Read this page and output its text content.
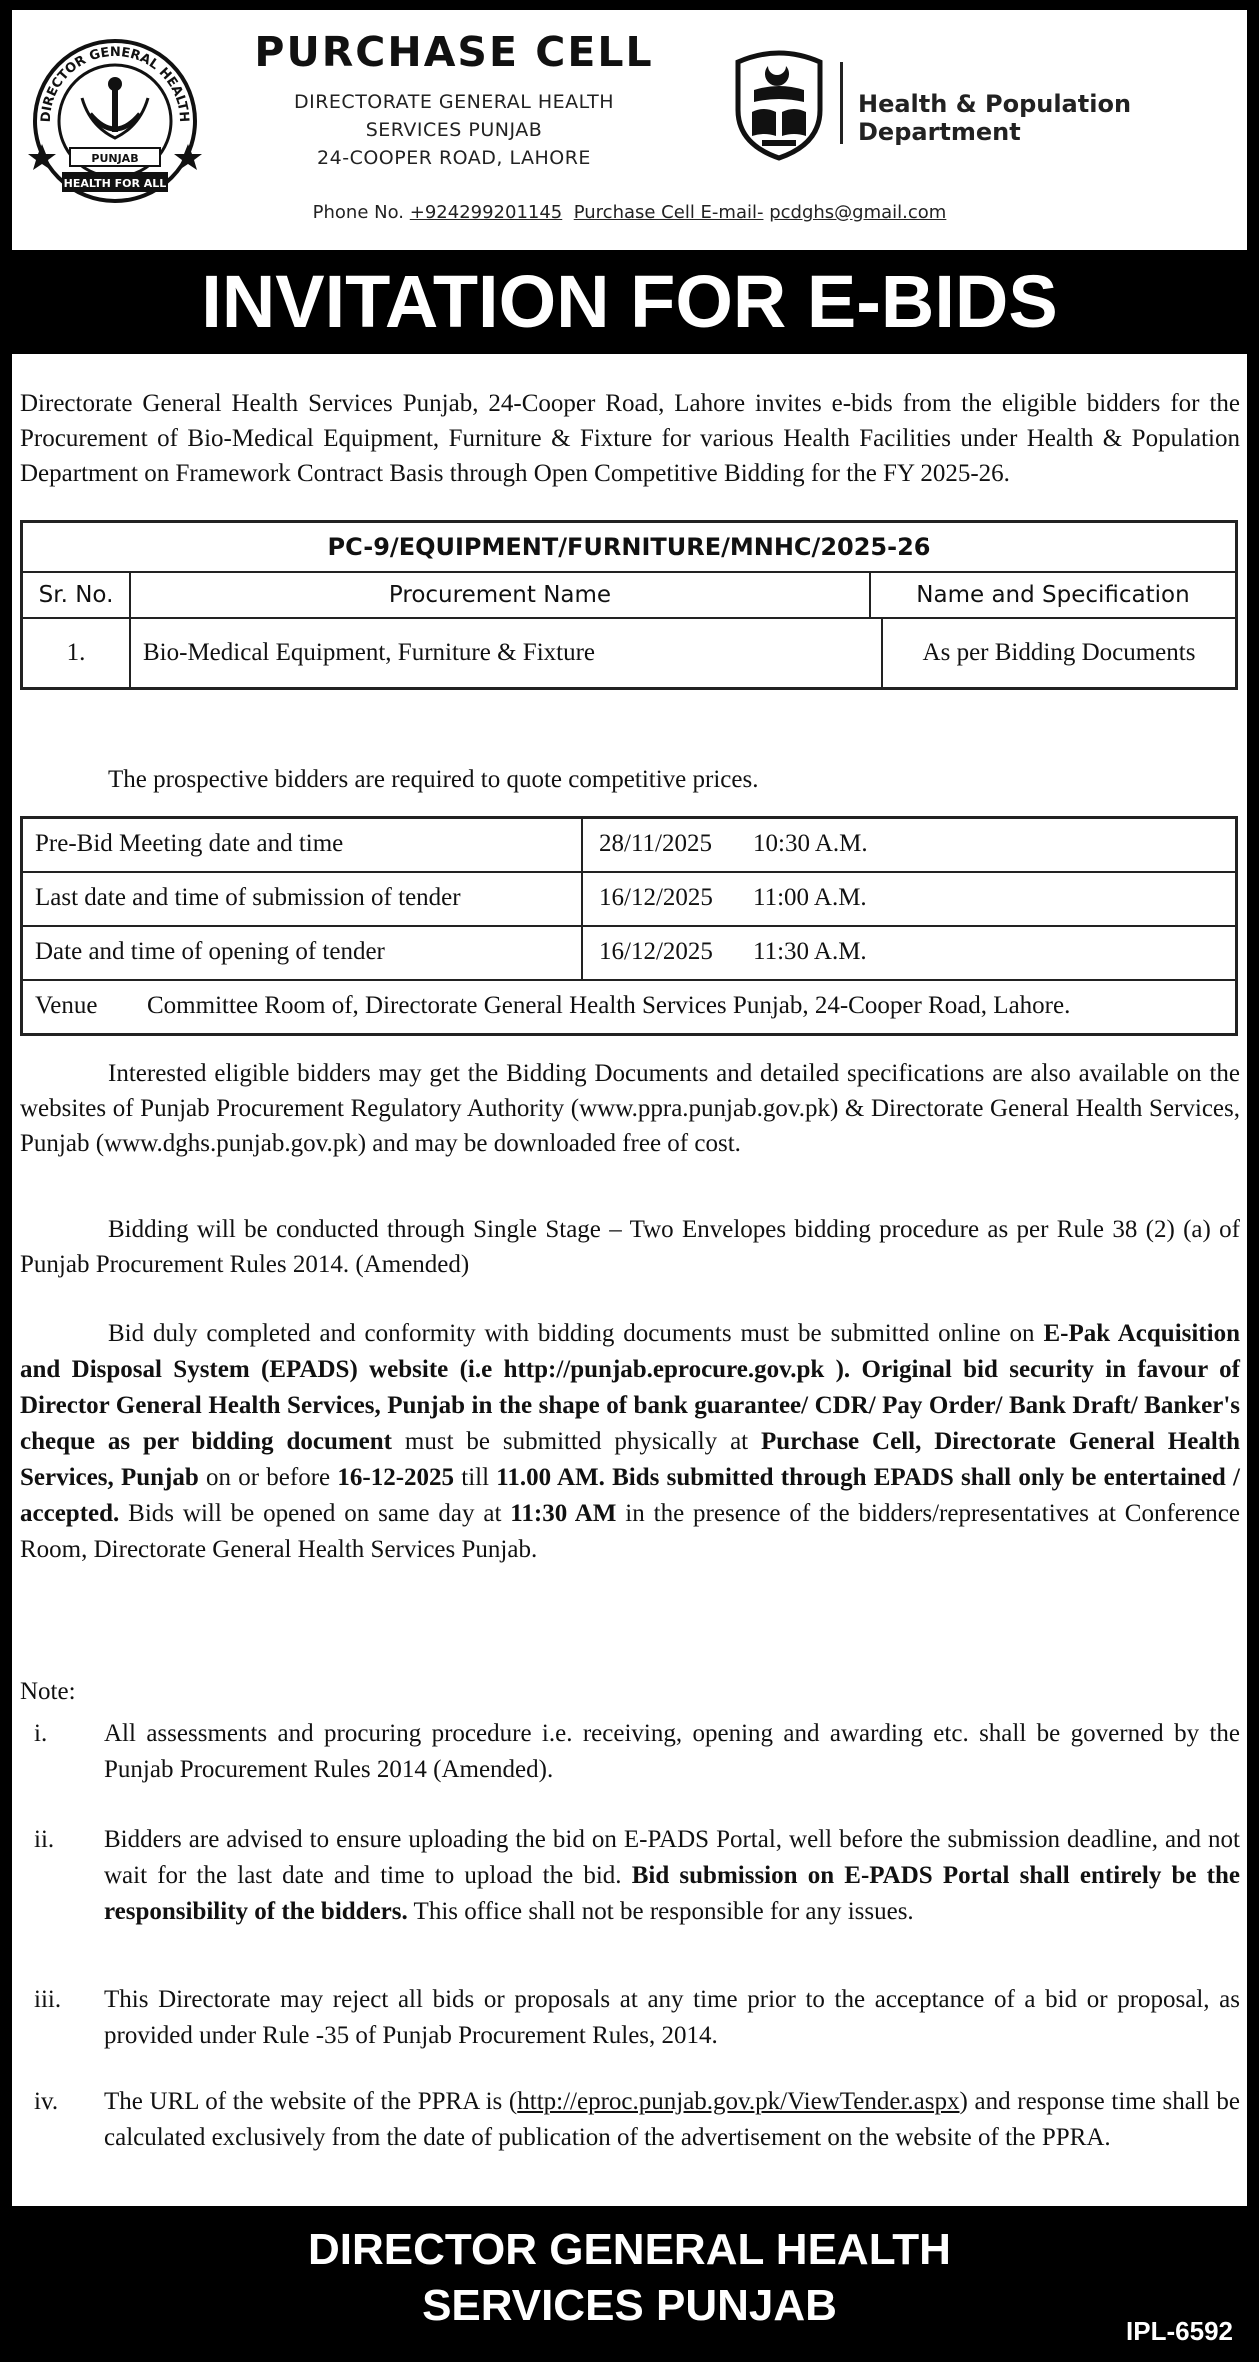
DIRECTOR GENERAL HEALTH
PUNJAB
HEALTH FOR ALL
PURCHASE CELL
DIRECTORATE GENERAL HEALTH
SERVICES PUNJAB
24-COOPER ROAD, LAHORE
Health & Population Department
Phone No. +924299201145 Purchase Cell E-mail- pcdghs@gmail.com
INVITATION FOR E-BIDS
Directorate General Health Services Punjab, 24-Cooper Road, Lahore invites e-bids from the eligible bidders for the Procurement of Bio-Medical Equipment, Furniture & Fixture for various Health Facilities under Health & Population Department on Framework Contract Basis through Open Competitive Bidding for the FY 2025-26.
PC-9/EQUIPMENT/FURNITURE/MNHC/2025-26
Sr. No.	Procurement Name	Name and Specification
1.	Bio-Medical Equipment, Furniture & Fixture	As per Bidding Documents
The prospective bidders are required to quote competitive prices.
Pre-Bid Meeting date and time	28/11/2025	10:30 A.M.
Last date and time of submission of tender	16/12/2025	11:00 A.M.
Date and time of opening of tender	16/12/2025	11:30 A.M.
Venue	Committee Room of, Directorate General Health Services Punjab, 24-Cooper Road, Lahore.
Interested eligible bidders may get the Bidding Documents and detailed specifications are also available on the websites of Punjab Procurement Regulatory Authority (www.ppra.punjab.gov.pk) & Directorate General Health Services, Punjab (www.dghs.punjab.gov.pk) and may be downloaded free of cost.
Bidding will be conducted through Single Stage – Two Envelopes bidding procedure as per Rule 38 (2) (a) of Punjab Procurement Rules 2014. (Amended)
Bid duly completed and conformity with bidding documents must be submitted online on E-Pak Acquisition and Disposal System (EPADS) website (i.e http://punjab.eprocure.gov.pk ). Original bid security in favour of Director General Health Services, Punjab in the shape of bank guarantee/ CDR/ Pay Order/ Bank Draft/ Banker's cheque as per bidding document must be submitted physically at Purchase Cell, Directorate General Health Services, Punjab on or before 16-12-2025 till 11.00 AM. Bids submitted through EPADS shall only be entertained / accepted. Bids will be opened on same day at 11:30 AM in the presence of the bidders/representatives at Conference Room, Directorate General Health Services Punjab.
Note:
i.	All assessments and procuring procedure i.e. receiving, opening and awarding etc. shall be governed by the Punjab Procurement Rules 2014 (Amended).
ii.	Bidders are advised to ensure uploading the bid on E-PADS Portal, well before the submission deadline, and not wait for the last date and time to upload the bid. Bid submission on E-PADS Portal shall entirely be the responsibility of the bidders. This office shall not be responsible for any issues.
iii.	This Directorate may reject all bids or proposals at any time prior to the acceptance of a bid or proposal, as provided under Rule -35 of Punjab Procurement Rules, 2014.
iv.	The URL of the website of the PPRA is (http://eproc.punjab.gov.pk/ViewTender.aspx) and response time shall be calculated exclusively from the date of publication of the advertisement on the website of the PPRA.
DIRECTOR GENERAL HEALTH
SERVICES PUNJAB
IPL-6592
